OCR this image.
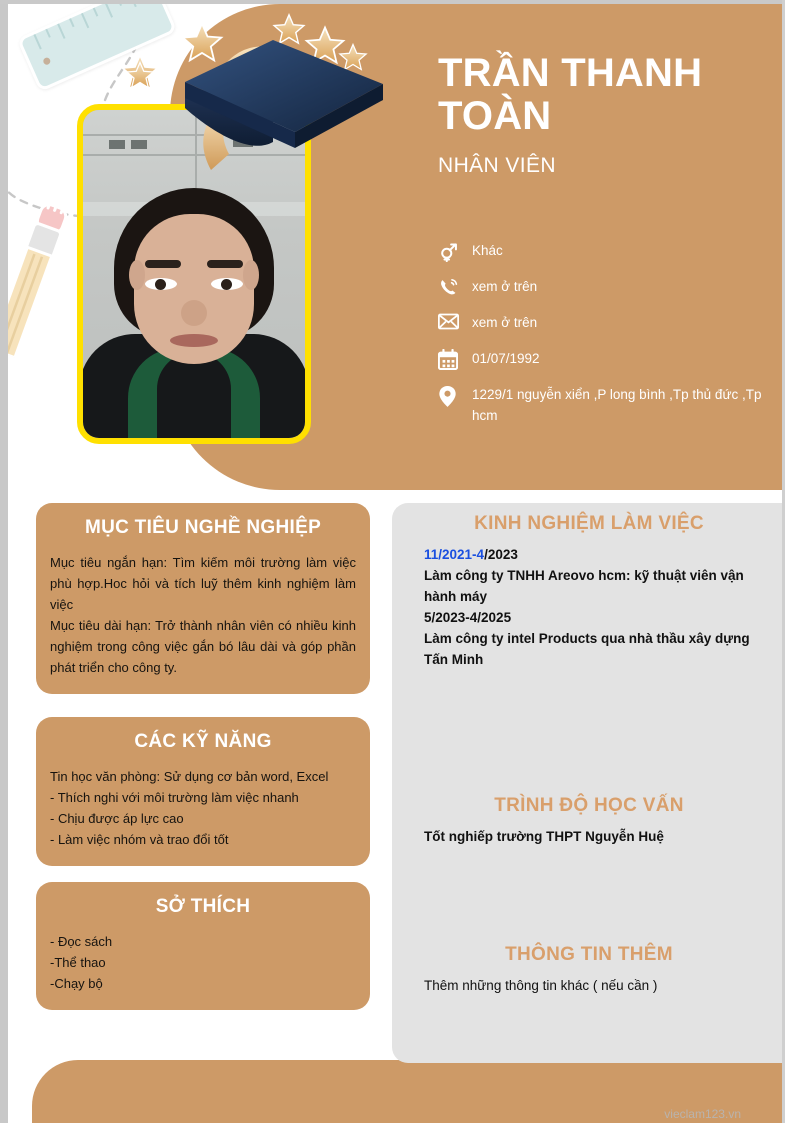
TRẦN THANH TOÀN
NHÂN VIÊN
Khác
xem ở trên
xem ở trên
01/07/1992
1229/1 nguyễn xiển ,P long bình ,Tp thủ đức ,Tp hcm
KINH NGHIỆM LÀM VIỆC
11/2021-4/2023
Làm công ty TNHH Areovo hcm: kỹ thuật viên vận hành máy
5/2023-4/2025
Làm công ty intel Products qua nhà thầu xây dựng Tấn Minh
TRÌNH ĐỘ HỌC VẤN
Tốt nghiếp trường THPT Nguyễn Huệ
THÔNG TIN THÊM
Thêm những thông tin khác ( nếu cần )
MỤC TIÊU NGHỀ NGHIỆP

Mục tiêu ngắn hạn: Tìm kiếm môi trường làm việc phù hợp.Hoc hỏi và tích luỹ thêm kinh nghiệm làm việc

Mục tiêu dài hạn: Trở thành nhân viên có nhiều kinh nghiệm trong công việc gắn bó lâu dài và góp phần phát triển cho công ty.

CÁC KỸ NĂNG

Tin học văn phòng: Sử dụng cơ bản word, Excel

- Thích nghi với môi trường làm việc nhanh

- Chịu được áp lực cao

- Làm việc nhóm và trao đổi tốt

SỞ THÍCH

- Đọc sách

-Thể thao

-Chạy bộ

vieclam123.vn
